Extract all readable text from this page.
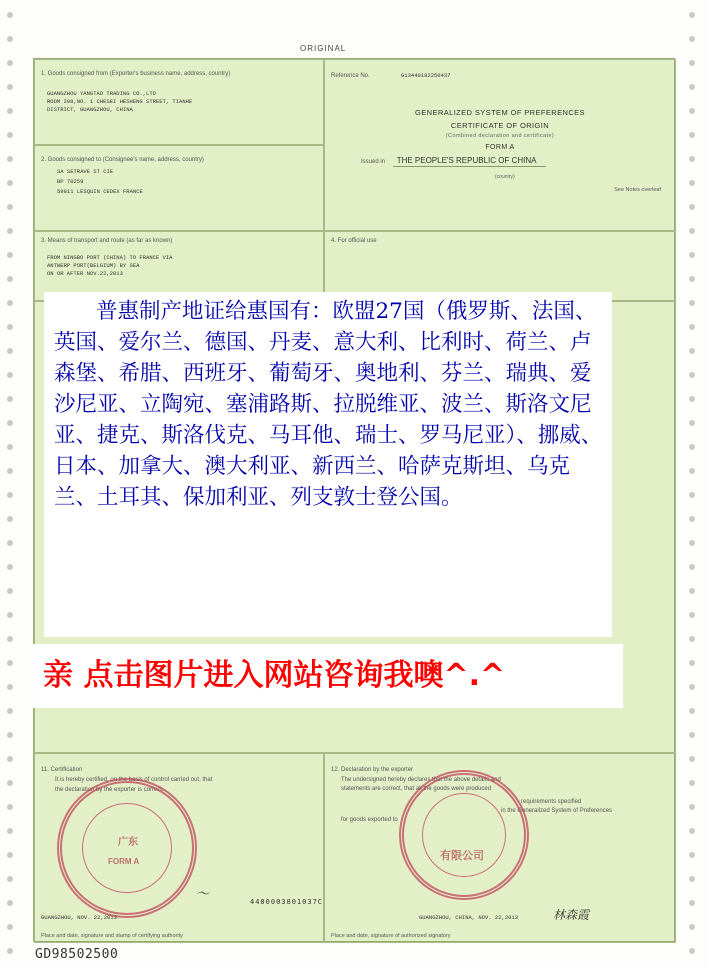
ORIGINAL
1. Goods consigned from (Exporter's business name, address, country)
GUANGZHOU YANGTAO TRADING CO.,LTD
ROOM 208,NO. 1 CHESEI HESHENG STREET, TIANHE
DISTRICT, GUANGZHOU, CHINA
2. Goods consigned to (Consignee's name, address, country)
SA SETRAVE ST CIE
BP 70259
59811 LESQUIN CEDEX FRANCE
Reference No.	G13440182250437
GENERALIZED SYSTEM OF PREFERENCES
CERTIFICATE OF ORIGIN
(Combined declaration and certificate)
FORM A
Issued in THE PEOPLE'S REPUBLIC OF CHINA
(country)
See Notes overleaf
3. Means of transport and route (as far as known)
FROM NINGBO PORT (CHINA) TO FRANCE VIA
ANTWERP PORT(BELGIUM) BY SEA
ON OR AFTER NOV.22,2013
4. For official use
11. Certification
It is hereby certified, on the basis of control carried out, that
the declaration by the exporter is correct.
广东
FORM A
GUANGZHOU, NOV. 22,2013
Place and date, signature and stamp of certifying authority
12. Declaration by the exporter
The undersigned hereby declares that the above details and
statements are correct, that all the goods were produced
requirements specified
in the Generalized System of Preferences
for goods exported to
有限公司
GUANGZHOU, CHINA, NOV. 22,2013	林森霞
Place and date, signature of authorized signatory
〜	4400003801037C
普惠制产地证给惠国有：欧盟27国（俄罗斯、法国、英国、爱尔兰、德国、丹麦、意大利、比利时、荷兰、卢森堡、希腊、西班牙、葡萄牙、奥地利、芬兰、瑞典、爱沙尼亚、立陶宛、塞浦路斯、拉脱维亚、波兰、斯洛文尼亚、捷克、斯洛伐克、马耳他、瑞士、罗马尼亚）、挪威、日本、加拿大、澳大利亚、新西兰、哈萨克斯坦、乌克兰、土耳其、保加利亚、列支敦士登公国。
亲 点击图片进入网站咨询我噢^.^
GD98502500
